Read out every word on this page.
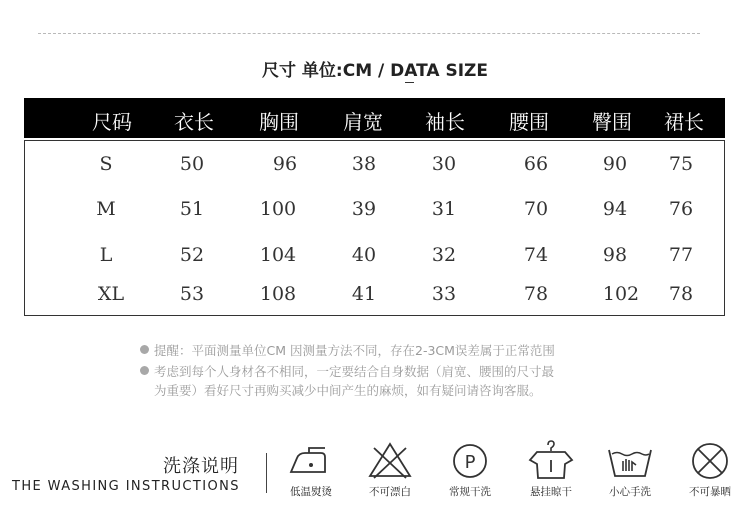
尺寸 单位:CM / DATA SIZE
尺码 衣长 胸围 肩宽 袖长 腰围 臀围 裙长
S	50	96	38	30	66	90 75
M	51	100	39	31	70	94 76
L	52	104	40	32	74	98 77
XL	53	108	41	33	78	102 78
提醒：平面测量单位CM 因测量方法不同，存在2-3CM误差属于正常范围
考虑到每个人身材各不相同，一定要结合自身数据（肩宽、腰围的尺寸最
为重要）看好尺寸再购买减少中间产生的麻烦，如有疑问请咨询客服。
洗涤说明
THE WASHING INSTRUCTIONS	低温熨烫	不可漂白
P
常规干洗	悬挂晾干	小心手洗	不可暴晒
